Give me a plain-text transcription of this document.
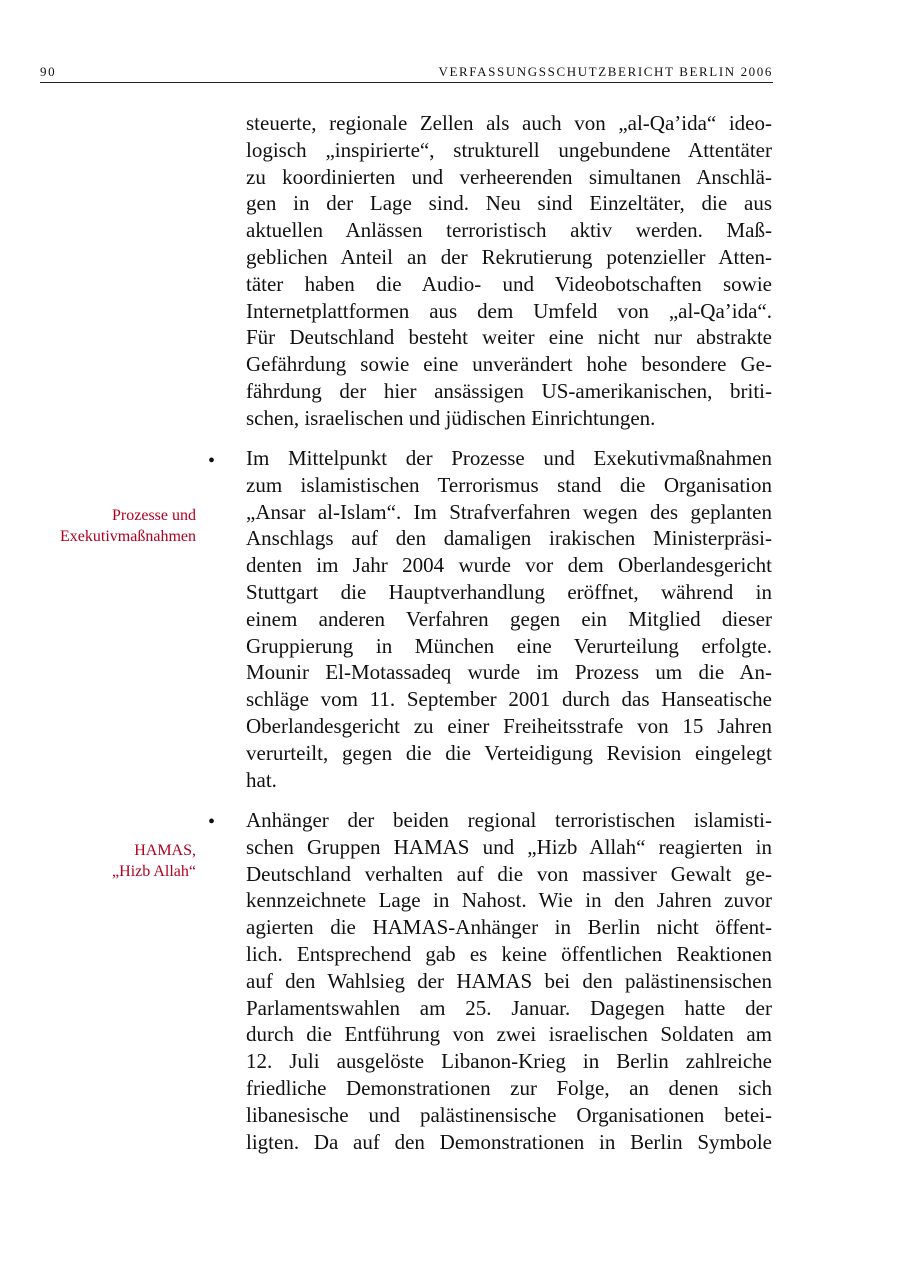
90	VERFASSUNGSSCHUTZBERICHT BERLIN 2006
steuerte, regionale Zellen als auch von „al-Qa’ida“ ideo-
logisch „inspirierte“, strukturell ungebundene Attentäter
zu koordinierten und verheerenden simultanen Anschlä-
gen in der Lage sind. Neu sind Einzeltäter, die aus
aktuellen Anlässen terroristisch aktiv werden. Maß-
geblichen Anteil an der Rekrutierung potenzieller Atten-
täter haben die Audio- und Videobotschaften sowie
Internetplattformen aus dem Umfeld von „al-Qa’ida“.
Für Deutschland besteht weiter eine nicht nur abstrakte
Gefährdung sowie eine unverändert hohe besondere Ge-
fährdung der hier ansässigen US-amerikanischen, briti-
schen, israelischen und jüdischen Einrichtungen.
• Im Mittelpunkt der Prozesse und Exekutivmaßnahmen
zum islamistischen Terrorismus stand die Organisation
„Ansar al-Islam“. Im Strafverfahren wegen des geplanten
Anschlags auf den damaligen irakischen Ministerpräsi-
denten im Jahr 2004 wurde vor dem Oberlandesgericht
Stuttgart die Hauptverhandlung eröffnet, während in
einem anderen Verfahren gegen ein Mitglied dieser
Gruppierung in München eine Verurteilung erfolgte.
Mounir El-Motassadeq wurde im Prozess um die An-
schläge vom 11. September 2001 durch das Hanseatische
Oberlandesgericht zu einer Freiheitsstrafe von 15 Jahren
verurteilt, gegen die die Verteidigung Revision eingelegt
hat.
• Anhänger der beiden regional terroristischen islamisti-
schen Gruppen HAMAS und „Hizb Allah“ reagierten in
Deutschland verhalten auf die von massiver Gewalt ge-
kennzeichnete Lage in Nahost. Wie in den Jahren zuvor
agierten die HAMAS-Anhänger in Berlin nicht öffent-
lich. Entsprechend gab es keine öffentlichen Reaktionen
auf den Wahlsieg der HAMAS bei den palästinensischen
Parlamentswahlen am 25. Januar. Dagegen hatte der
durch die Entführung von zwei israelischen Soldaten am
12. Juli ausgelöste Libanon-Krieg in Berlin zahlreiche
friedliche Demonstrationen zur Folge, an denen sich
libanesische und palästinensische Organisationen betei-
ligten. Da auf den Demonstrationen in Berlin Symbole
Prozesse und
Exekutivmaßnahmen
HAMAS,
„Hizb Allah“
